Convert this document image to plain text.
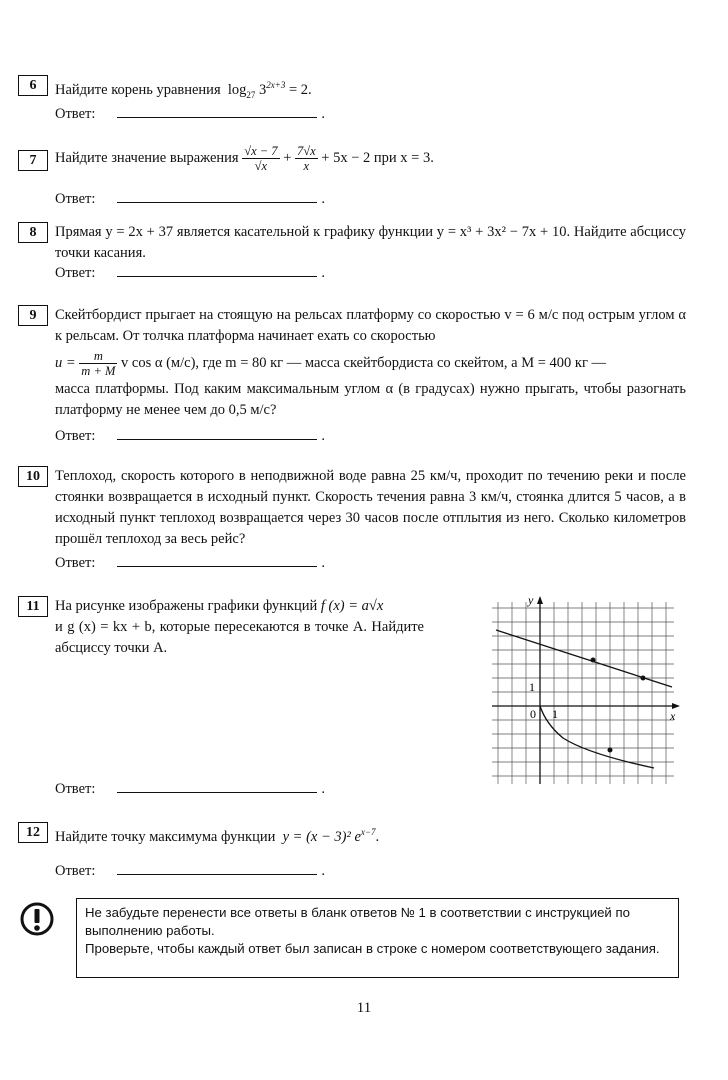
6	Найдите корень уравнения $\log_{27} 3^{2x+3} = 2$.
Ответ:	.
7	Найдите значение выражения $\frac{√x - 7}{√x} + \frac{7√x}{x} + 5x - 2$ при x = 3.
Ответ:	.
8	Прямая y = 2x + 37 является касательной к графику функции y = x³ + 3x² − 7x + 10. Найдите абсциссу точки касания.
Ответ:	.
9	Скейтбордист прыгает на стоящую на рельсах платформу со скоростью v = 6 м/с под острым углом α к рельсам. От толчка платформа начинает ехать со скоростью
$u = \frac{m}{m + M}$ v cos α (м/с), где m = 80 кг — масса скейтбордиста со скейтом, а M = 400 кг —
масса платформы. Под каким максимальным углом α (в градусах) нужно прыгать, чтобы разогнать платформу не менее чем до 0,5 м/с?
Ответ:	.
10	Теплоход, скорость которого в неподвижной воде равна 25 км/ч, проходит по течению реки и после стоянки возвращается в исходный пункт. Скорость течения равна 3 км/ч, стоянка длится 5 часов, а в исходный пункт теплоход возвращается через 30 часов после отплытия из него. Сколько километров прошёл теплоход за весь рейс?
Ответ:	.
11	На рисунке изображены графики функций f (x) = a√x
и g (x) = kx + b, которые пересекаются в точке A. Найдите абсциссу точки A.
Ответ:	.
y
x
0 1
1
12	Найдите точку максимума функции y = (x − 3)² $e^{x-7}$.
Ответ:	.
Не забудьте перенести все ответы в бланк ответов № 1 в соответствии с инструкцией по выполнению работы.
Проверьте, чтобы каждый ответ был записан в строке с номером соответствующего задания.
11
